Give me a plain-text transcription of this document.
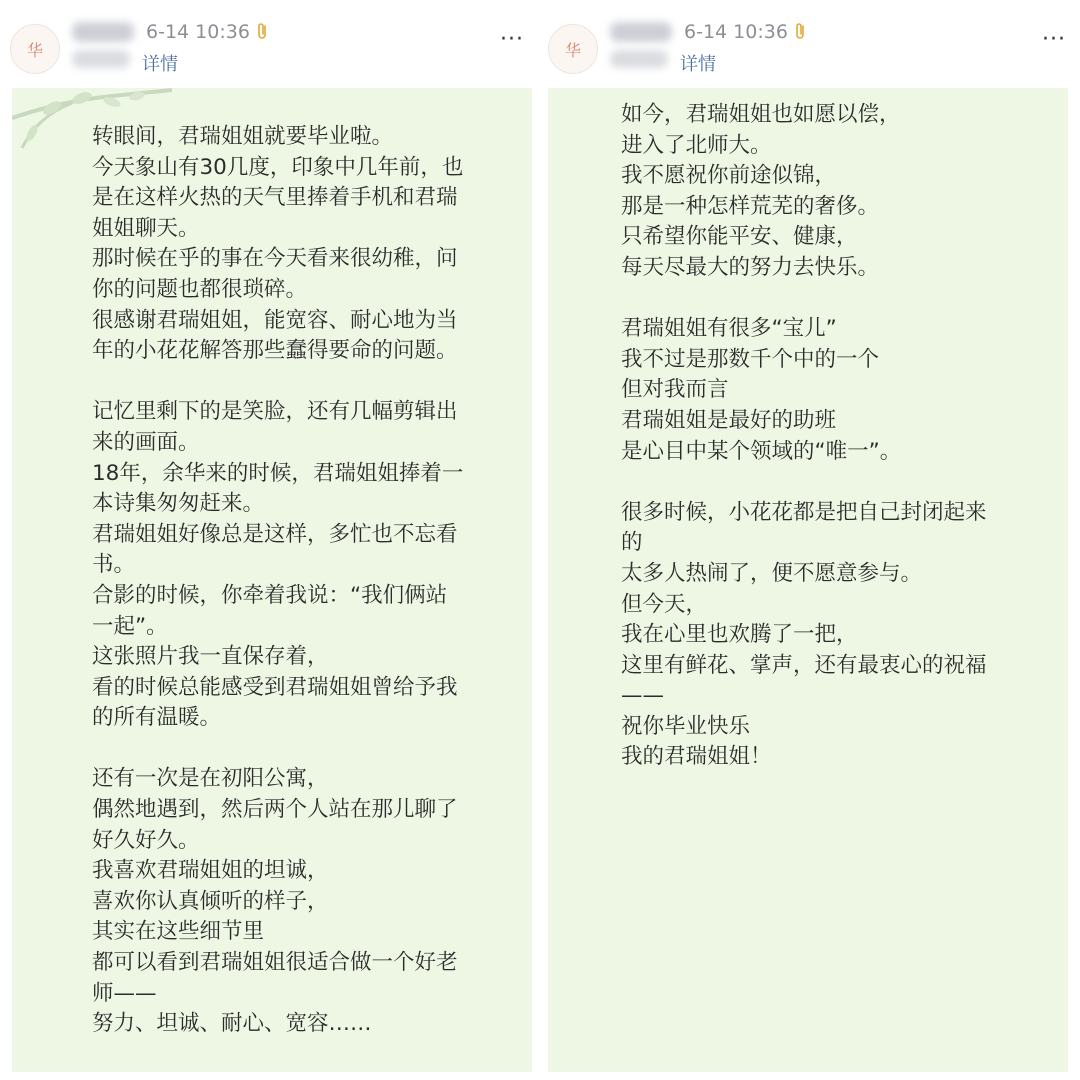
华
6-14 10:36
详情
···
转眼间，君瑞姐姐就要毕业啦。
今天象山有30几度，印象中几年前，也是在这样火热的天气里捧着手机和君瑞姐姐聊天。
那时候在乎的事在今天看来很幼稚，问你的问题也都很琐碎。
很感谢君瑞姐姐，能宽容、耐心地为当年的小花花解答那些蠢得要命的问题。

记忆里剩下的是笑脸，还有几幅剪辑出来的画面。
18年，余华来的时候，君瑞姐姐捧着一本诗集匆匆赶来。
君瑞姐姐好像总是这样，多忙也不忘看书。
合影的时候，你牵着我说：“我们俩站一起”。
这张照片我一直保存着，
看的时候总能感受到君瑞姐姐曾给予我的所有温暖。

还有一次是在初阳公寓，
偶然地遇到，然后两个人站在那儿聊了好久好久。
我喜欢君瑞姐姐的坦诚，
喜欢你认真倾听的样子，
其实在这些细节里
都可以看到君瑞姐姐很适合做一个好老师——
努力、坦诚、耐心、宽容……
华
6-14 10:36
详情
···
如今，君瑞姐姐也如愿以偿，
进入了北师大。
我不愿祝你前途似锦，
那是一种怎样荒芜的奢侈。
只希望你能平安、健康，
每天尽最大的努力去快乐。

君瑞姐姐有很多“宝儿”
我不过是那数千个中的一个
但对我而言
君瑞姐姐是最好的助班
是心目中某个领域的“唯一”。

很多时候，小花花都是把自己封闭起来的
太多人热闹了，便不愿意参与。
但今天，
我在心里也欢腾了一把，
这里有鲜花、掌声，还有最衷心的祝福——
祝你毕业快乐
我的君瑞姐姐！
